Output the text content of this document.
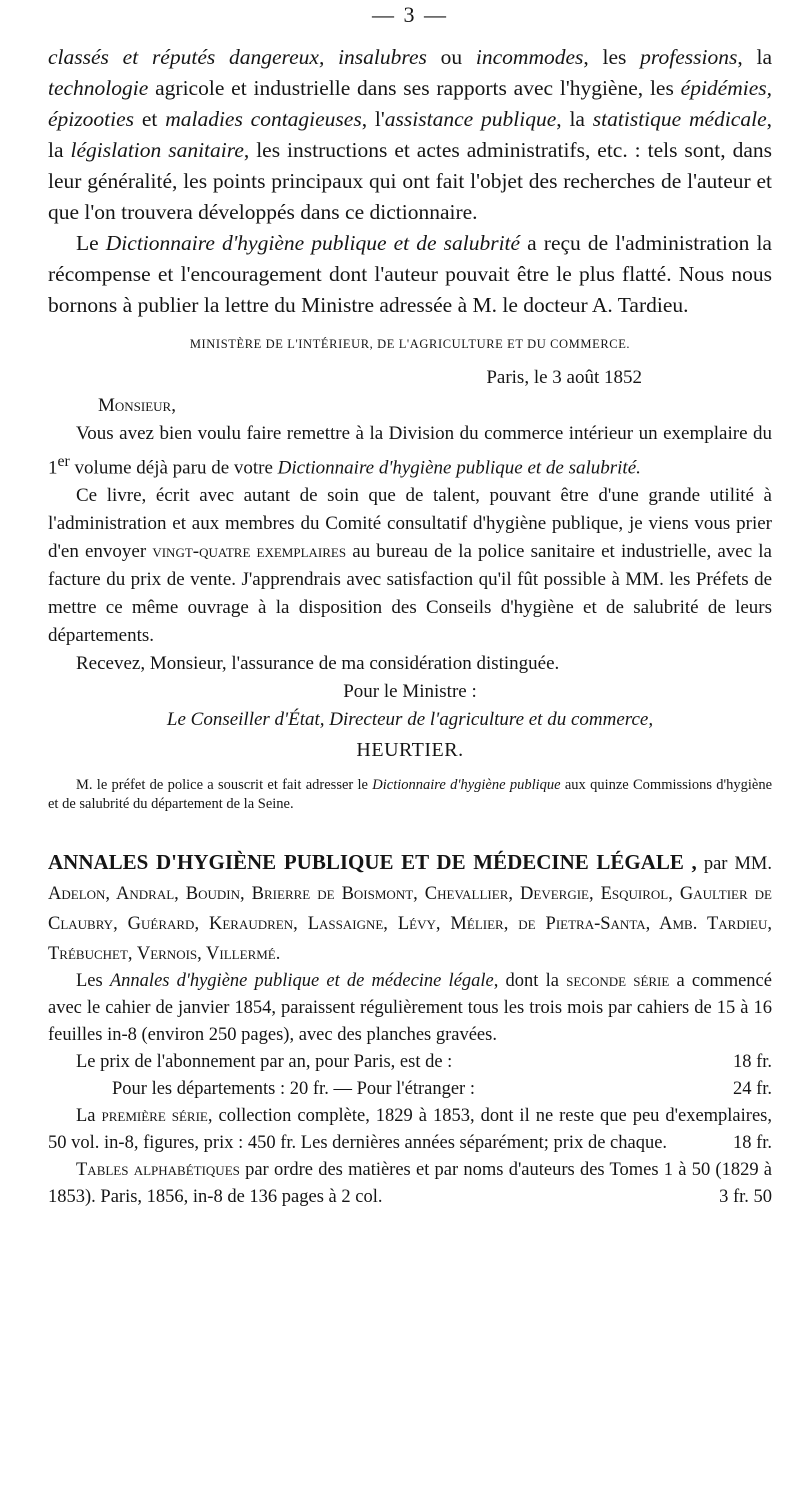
— 3 —

classés et réputés dangereux, insalubres ou incommodes, les professions, la technologie agricole et industrielle dans ses rapports avec l'hygiène, les épidémies, épizooties et maladies contagieuses, l'assistance publique, la statistique médicale, la législation sanitaire, les instructions et actes administratifs, etc. : tels sont, dans leur généralité, les points principaux qui ont fait l'objet des recherches de l'auteur et que l'on trouvera développés dans ce dictionnaire.

Le Dictionnaire d'hygiène publique et de salubrité a reçu de l'administration la récompense et l'encouragement dont l'auteur pouvait être le plus flatté. Nous nous bornons à publier la lettre du Ministre adressée à M. le docteur A. Tardieu.

MINISTÈRE DE L'INTÉRIEUR, DE L'AGRICULTURE ET DU COMMERCE.

Paris, le 3 août 1852

Monsieur,

Vous avez bien voulu faire remettre à la Division du commerce intérieur un exemplaire du 1er volume déjà paru de votre Dictionnaire d'hygiène publique et de salubrité.

Ce livre, écrit avec autant de soin que de talent, pouvant être d'une grande utilité à l'administration et aux membres du Comité consultatif d'hygiène publique, je viens vous prier d'en envoyer vingt-quatre exemplaires au bureau de la police sanitaire et industrielle, avec la facture du prix de vente. J'apprendrais avec satisfaction qu'il fût possible à MM. les Préfets de mettre ce même ouvrage à la disposition des Conseils d'hygiène et de salubrité de leurs départements.

Recevez, Monsieur, l'assurance de ma considération distinguée.

Pour le Ministre :

Le Conseiller d'État, Directeur de l'agriculture et du commerce,

HEURTIER.

M. le préfet de police a souscrit et fait adresser le Dictionnaire d'hygiène publique aux quinze Commissions d'hygiène et de salubrité du département de la Seine.

ANNALES D'HYGIÈNE PUBLIQUE ET DE MÉDECINE LÉGALE , par MM. Adelon, Andral, Boudin, Brierre de Boismont, Chevallier, Devergie, Esquirol, Gaultier de Claubry, Guérard, Keraudren, Lassaigne, Lévy, Mélier, de Pietra-Santa, Amb. Tardieu, Trébuchet, Vernois, Villermé.

Les Annales d'hygiène publique et de médecine légale, dont la seconde série a commencé avec le cahier de janvier 1854, paraissent régulièrement tous les trois mois par cahiers de 15 à 16 feuilles in-8 (environ 250 pages), avec des planches gravées.

Le prix de l'abonnement par an, pour Paris, est de :	18 fr.
Pour les départements : 20 fr. — Pour l'étranger :	24 fr.

La première série, collection complète, 1829 à 1853, dont il ne reste que peu d'exemplaires, 50 vol. in-8, figures, prix : 450 fr. Les dernières années séparément; prix de chaque.	18 fr.

Tables alphabétiques par ordre des matières et par noms d'auteurs des Tomes 1 à 50 (1829 à 1853). Paris, 1856, in-8 de 136 pages à 2 col.	3 fr. 50
